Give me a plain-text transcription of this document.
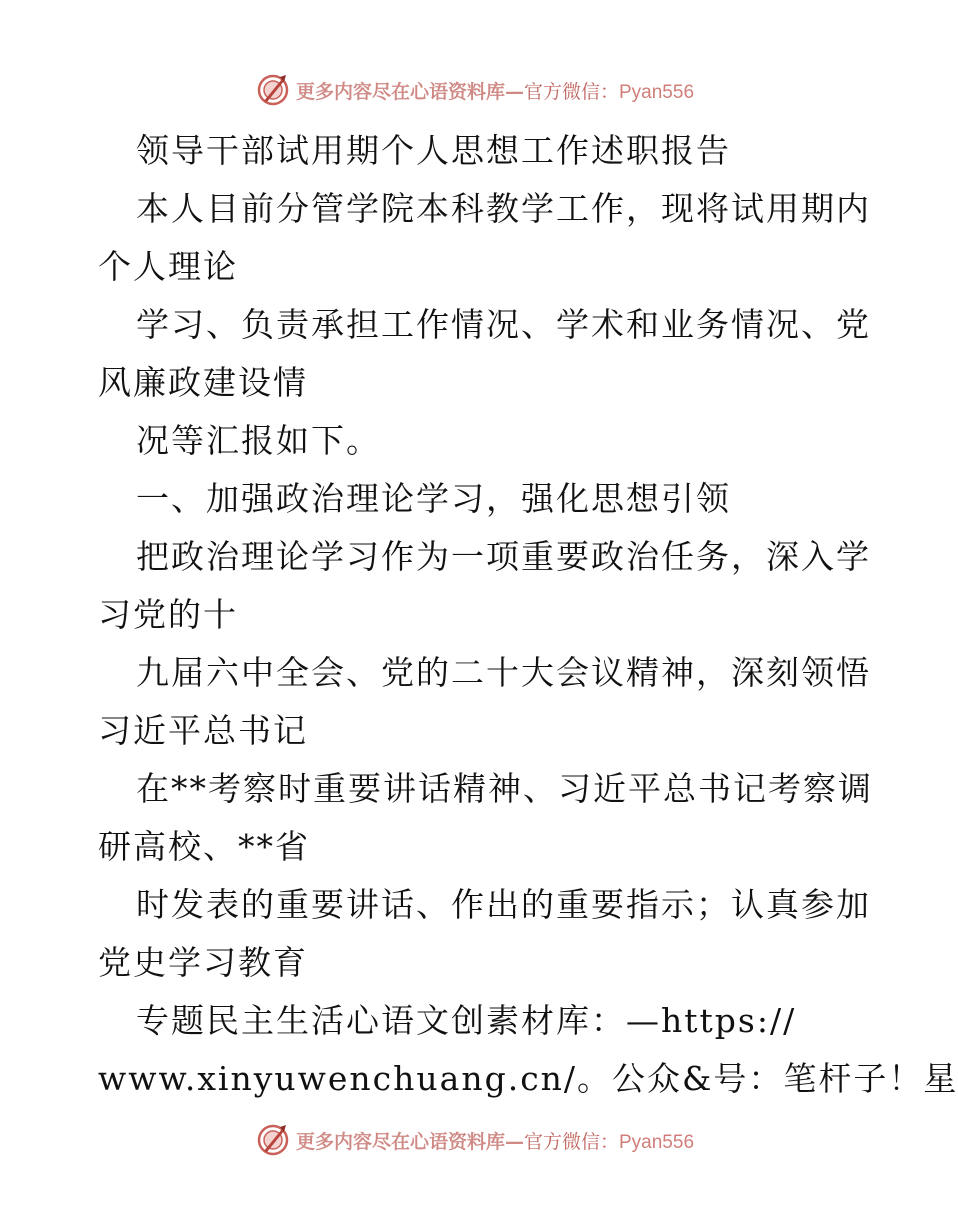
更多内容尽在心语资料库—官方微信：Pyan556
领导干部试用期个人思想工作述职报告
本人目前分管学院本科教学工作，现将试用期内
个人理论
学习、负责承担工作情况、学术和业务情况、党
风廉政建设情
况等汇报如下。
一、加强政治理论学习，强化思想引领
把政治理论学习作为一项重要政治任务，深入学
习党的十
九届六中全会、党的二十大会议精神，深刻领悟
习近平总书记
在**考察时重要讲话精神、习近平总书记考察调
研高校、**省
时发表的重要讲话、作出的重要指示；认真参加
党史学习教育
专题民主生活心语文创素材库：—https://
www.xinyuwenchuang.cn/。公众&号：笔杆子！星
更多内容尽在心语资料库—官方微信：Pyan556
